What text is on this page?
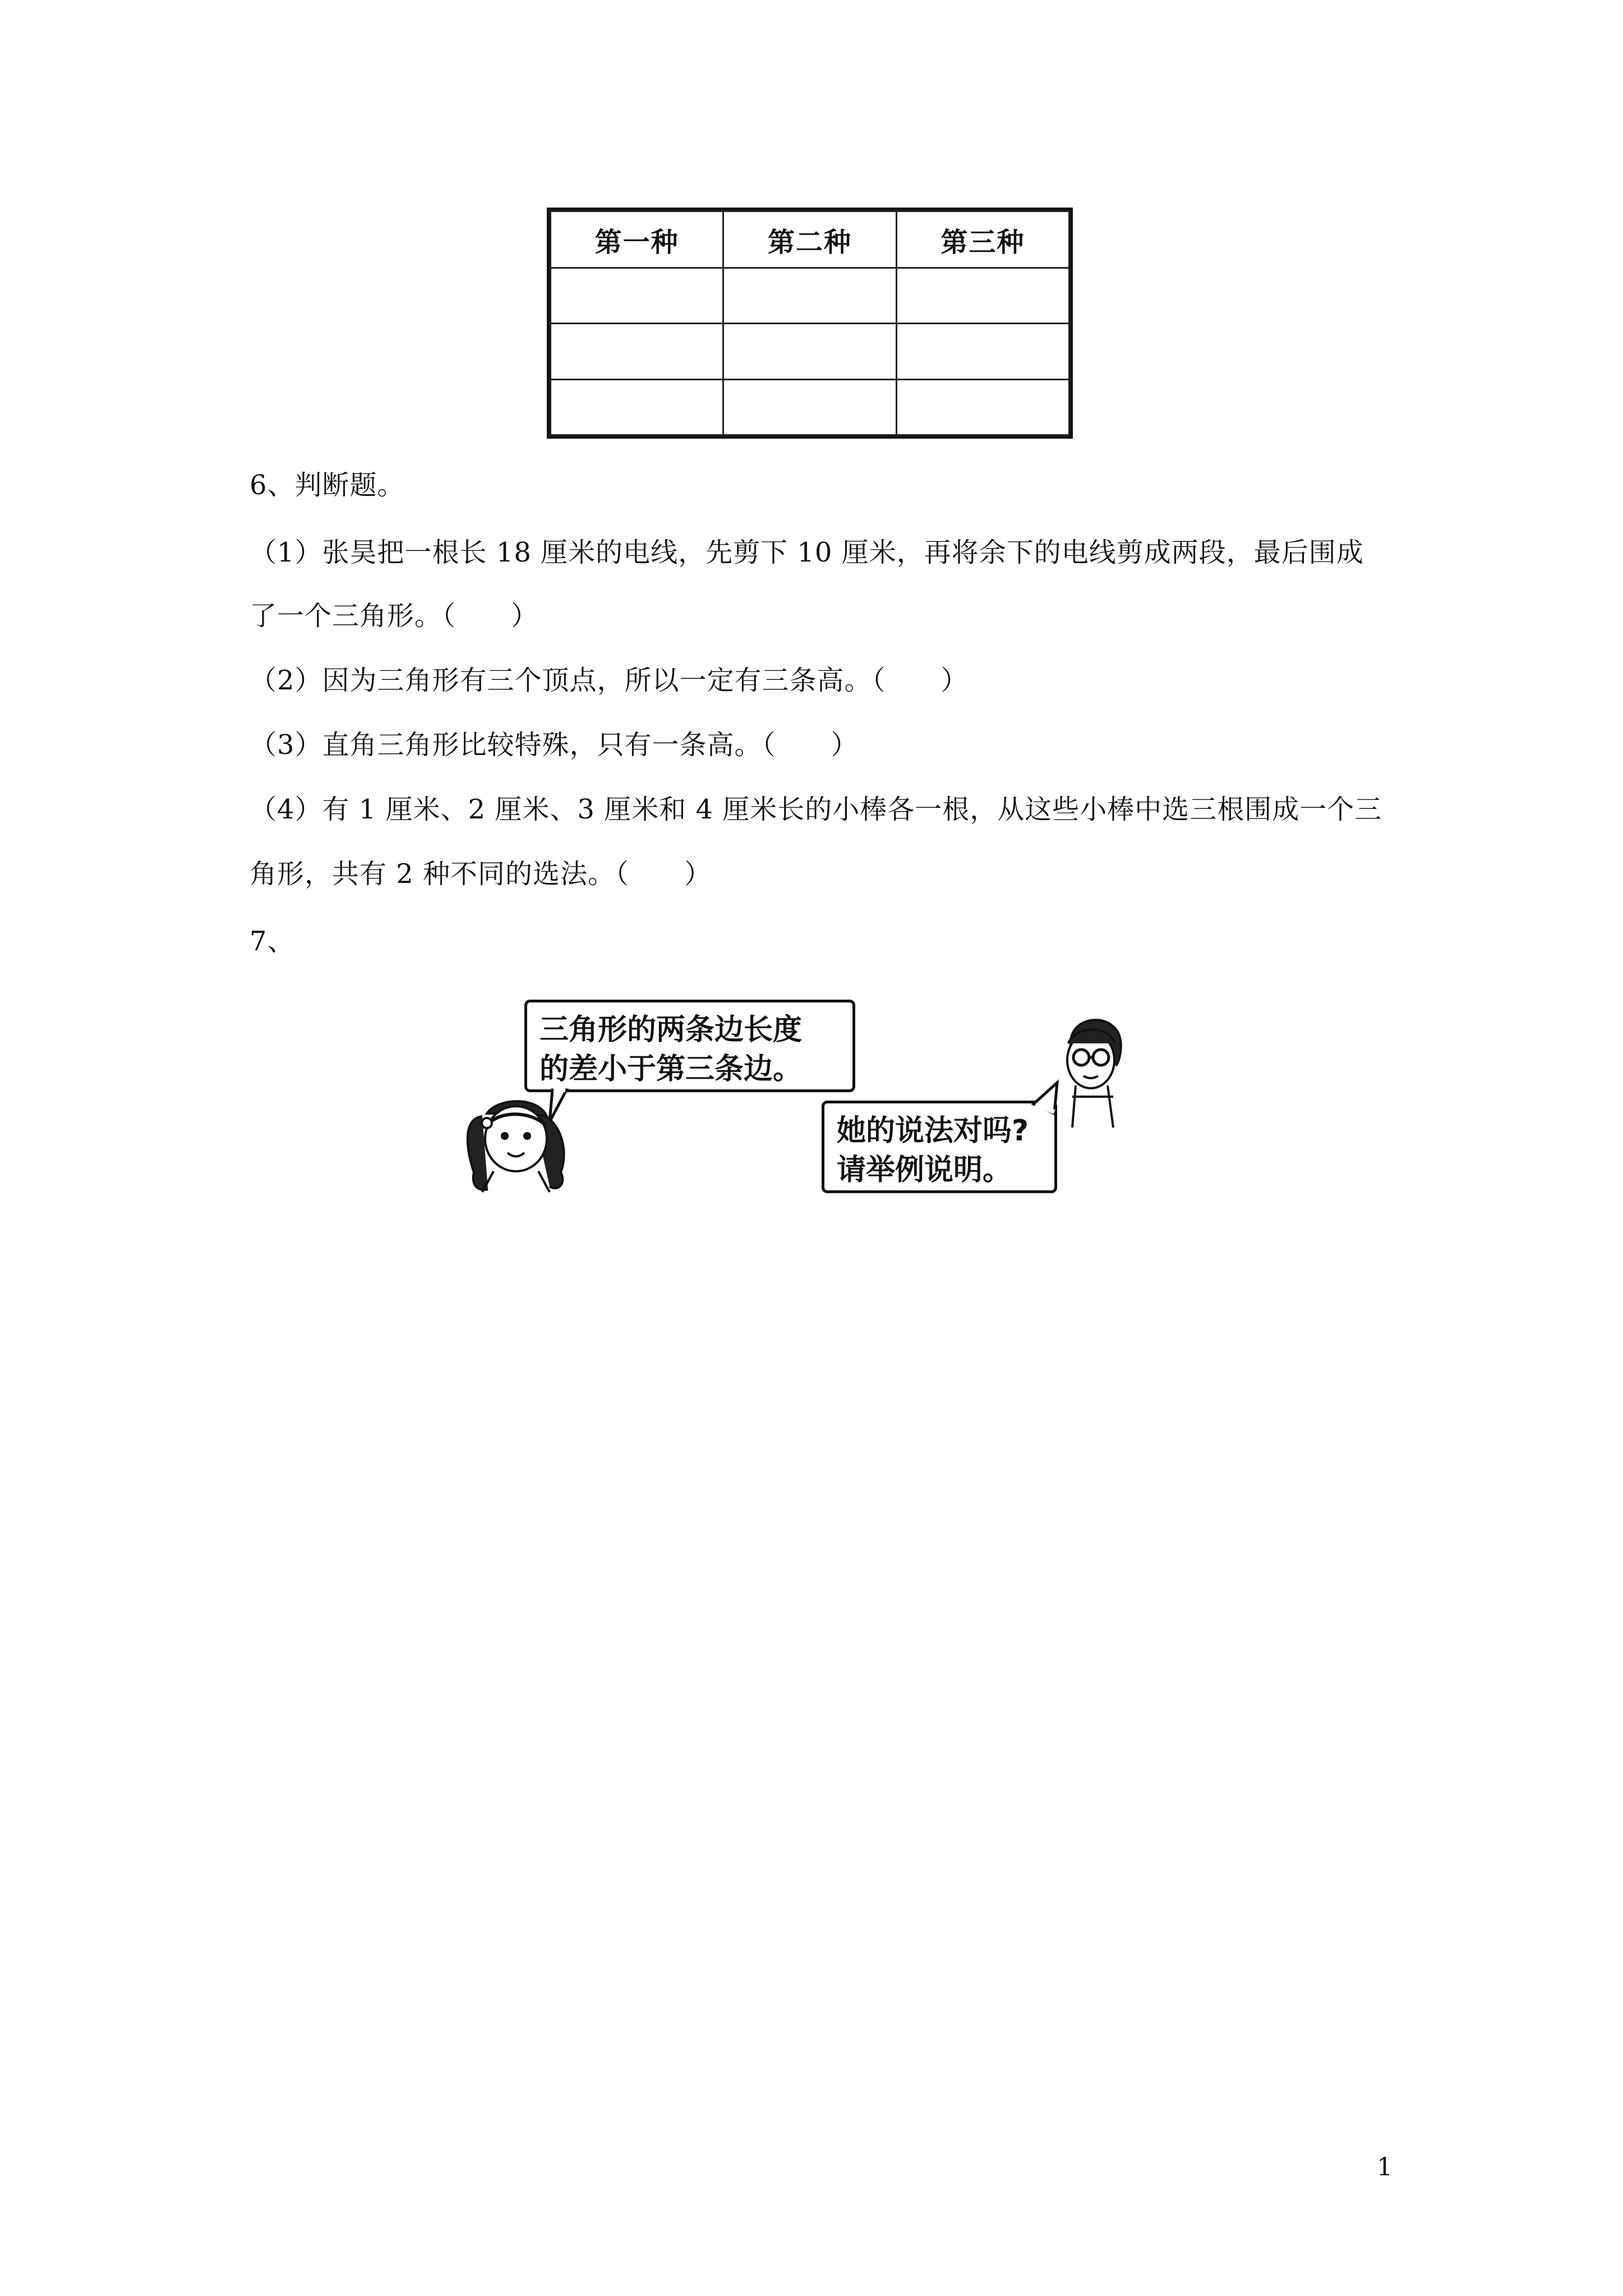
第一种	第二种	第三种

6、判断题。
（1）张昊把一根长 18 厘米的电线，先剪下 10 厘米，再将余下的电线剪成两段，最后围成
了一个三角形。（　　）
（2）因为三角形有三个顶点，所以一定有三条高。（　　）
（3）直角三角形比较特殊，只有一条高。（　　）
（4）有 1 厘米、2 厘米、3 厘米和 4 厘米长的小棒各一根，从这些小棒中选三根围成一个三
角形，共有 2 种不同的选法。（　　）
7、
三角形的两条边长度
的差小于第三条边。
她的说法对吗?
请举例说明。
1
